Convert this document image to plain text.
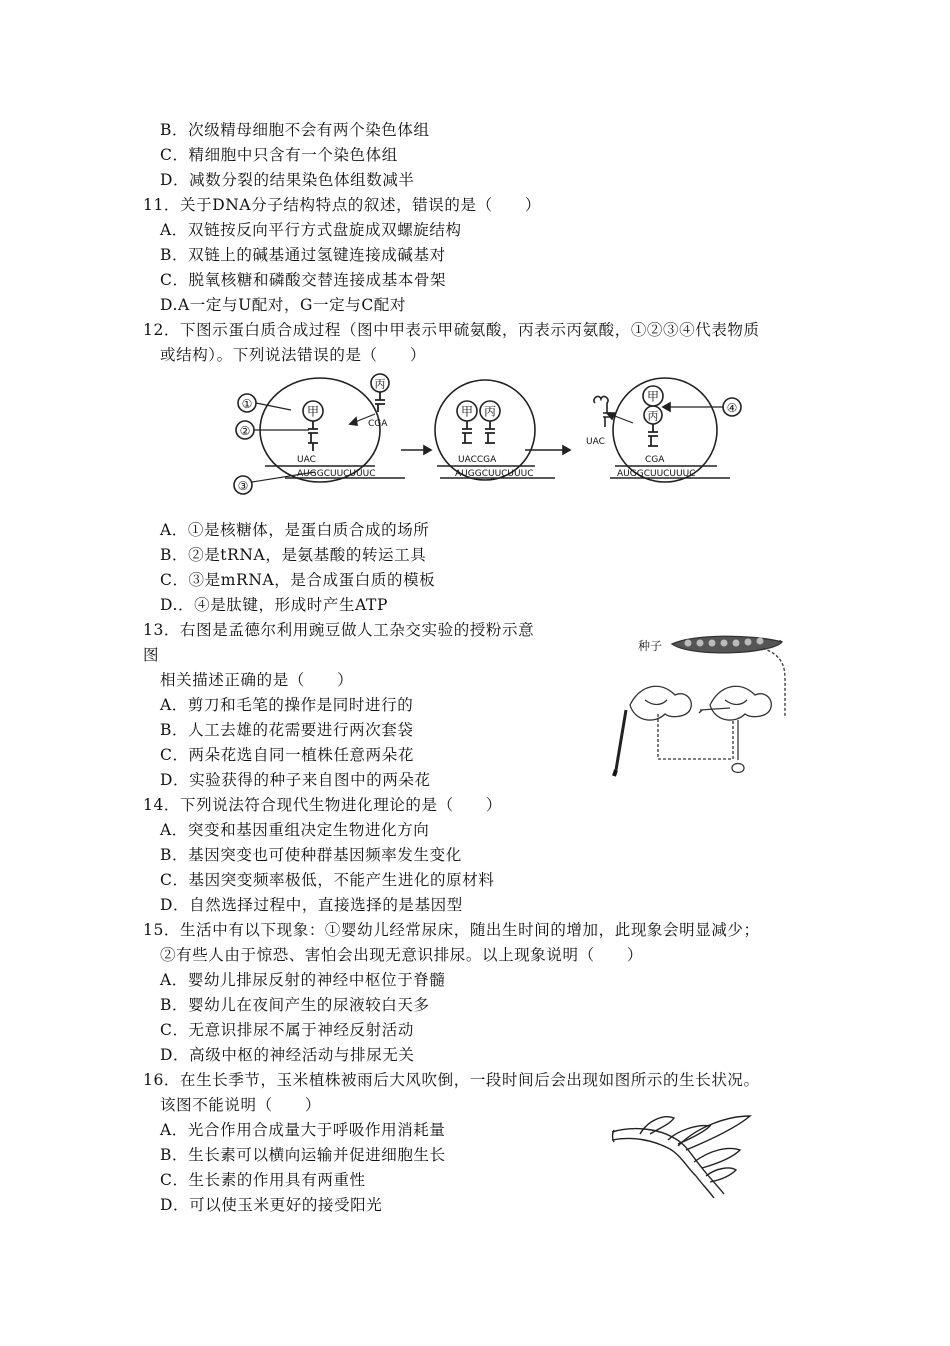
B．次级精母细胞不会有两个染色体组
C．精细胞中只含有一个染色体组
D．减数分裂的结果染色体组数减半
11．关于DNA分子结构特点的叙述，错误的是（　　）
A．双链按反向平行方式盘旋成双螺旋结构
B．双链上的碱基通过氢键连接成碱基对
C．脱氧核糖和磷酸交替连接成基本骨架
D.A一定与U配对，G一定与C配对
12．下图示蛋白质合成过程（图中甲表示甲硫氨酸，丙表示丙氨酸，①②③④代表物质
或结构）。下列说法错误的是（　　）
甲
UAC
AUGGCUUCUUUC
丙
CGA
①
②
③
甲 丙
UACCGA
AUGGCUUCUUUC
甲
丙
CGA
AUGGCUUCUUUC
UAC
④
A．①是核糖体，是蛋白质合成的场所
B．②是tRNA，是氨基酸的转运工具
C．③是mRNA，是合成蛋白质的模板
D.．④是肽键，形成时产生ATP
13．右图是孟德尔利用豌豆做人工杂交实验的授粉示意
图
相关描述正确的是（　　）
A．剪刀和毛笔的操作是同时进行的
B．人工去雄的花需要进行两次套袋
C．两朵花选自同一植株任意两朵花
D．实验获得的种子来自图中的两朵花
种子
14．下列说法符合现代生物进化理论的是（　　）
A．突变和基因重组决定生物进化方向
B．基因突变也可使种群基因频率发生变化
C．基因突变频率极低，不能产生进化的原材料
D．自然选择过程中，直接选择的是基因型
15．生活中有以下现象：①婴幼儿经常尿床，随出生时间的增加，此现象会明显减少；
②有些人由于惊恐、害怕会出现无意识排尿。以上现象说明（　　）
A．婴幼儿排尿反射的神经中枢位于脊髓
B．婴幼儿在夜间产生的尿液较白天多
C．无意识排尿不属于神经反射活动
D．高级中枢的神经活动与排尿无关
16．在生长季节，玉米植株被雨后大风吹倒，一段时间后会出现如图所示的生长状况。
该图不能说明（　　）
A．光合作用合成量大于呼吸作用消耗量
B．生长素可以横向运输并促进细胞生长
C．生长素的作用具有两重性
D．可以使玉米更好的接受阳光
